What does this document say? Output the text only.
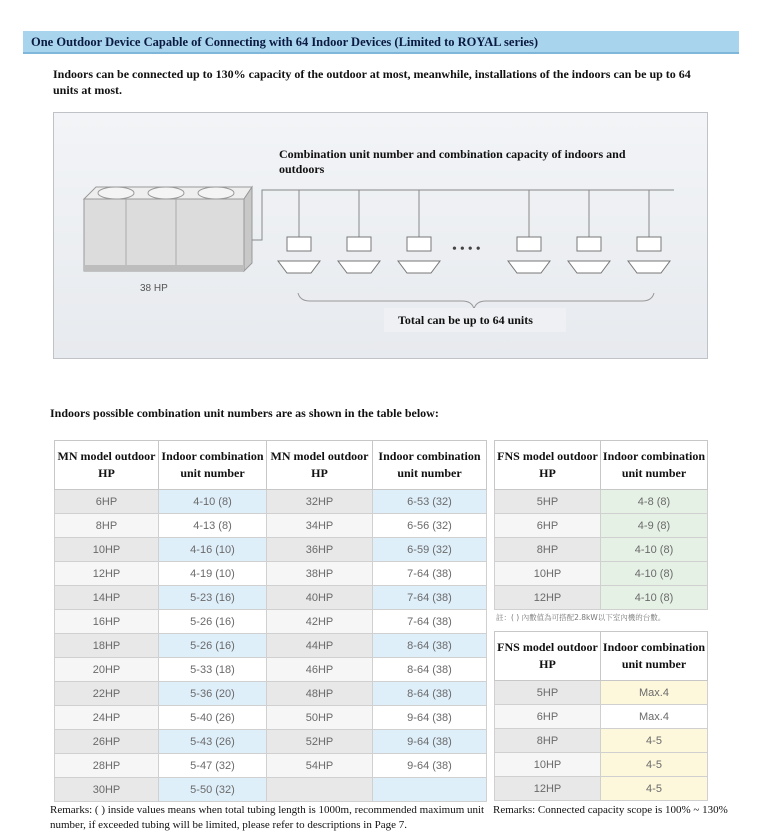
One Outdoor Device Capable of Connecting with 64 Indoor Devices (Limited to ROYAL series)
Indoors can be connected up to 130% capacity of the outdoor at most, meanwhile, installations of the indoors can be up to 64 units at most.
Combination unit number and combination capacity of indoors and outdoors
••••
38 HP
Total can be up to 64 units
Indoors possible combination unit numbers are as shown in the table below:
MN model outdoor HP	Indoor combination unit number	MN model outdoor HP	Indoor combination unit number
6HP	4-10 (8)	32HP	6-53 (32)
8HP	4-13 (8)	34HP	6-56 (32)
10HP	4-16 (10)	36HP	6-59 (32)
12HP	4-19 (10)	38HP	7-64 (38)
14HP	5-23 (16)	40HP	7-64 (38)
16HP	5-26 (16)	42HP	7-64 (38)
18HP	5-26 (16)	44HP	8-64 (38)
20HP	5-33 (18)	46HP	8-64 (38)
22HP	5-36 (20)	48HP	8-64 (38)
24HP	5-40 (26)	50HP	9-64 (38)
26HP	5-43 (26)	52HP	9-64 (38)
28HP	5-47 (32)	54HP	9-64 (38)
30HP	5-50 (32)		
FNS model outdoor HP	Indoor combination unit number
5HP	4-8 (8)
6HP	4-9 (8)
8HP	4-10 (8)
10HP	4-10 (8)
12HP	4-10 (8)
註：( ) 內數值為可搭配2.8kW以下室內機的台數。
FNS model outdoor HP	Indoor combination unit number
5HP	Max.4
6HP	Max.4
8HP	4-5
10HP	4-5
12HP	4-5
Remarks: ( ) inside values means when total tubing length is 1000m, recommended maximum unit number, if exceeded tubing will be limited, please refer to descriptions in Page 7.
Remarks: Connected capacity scope is 100% ~ 130%
